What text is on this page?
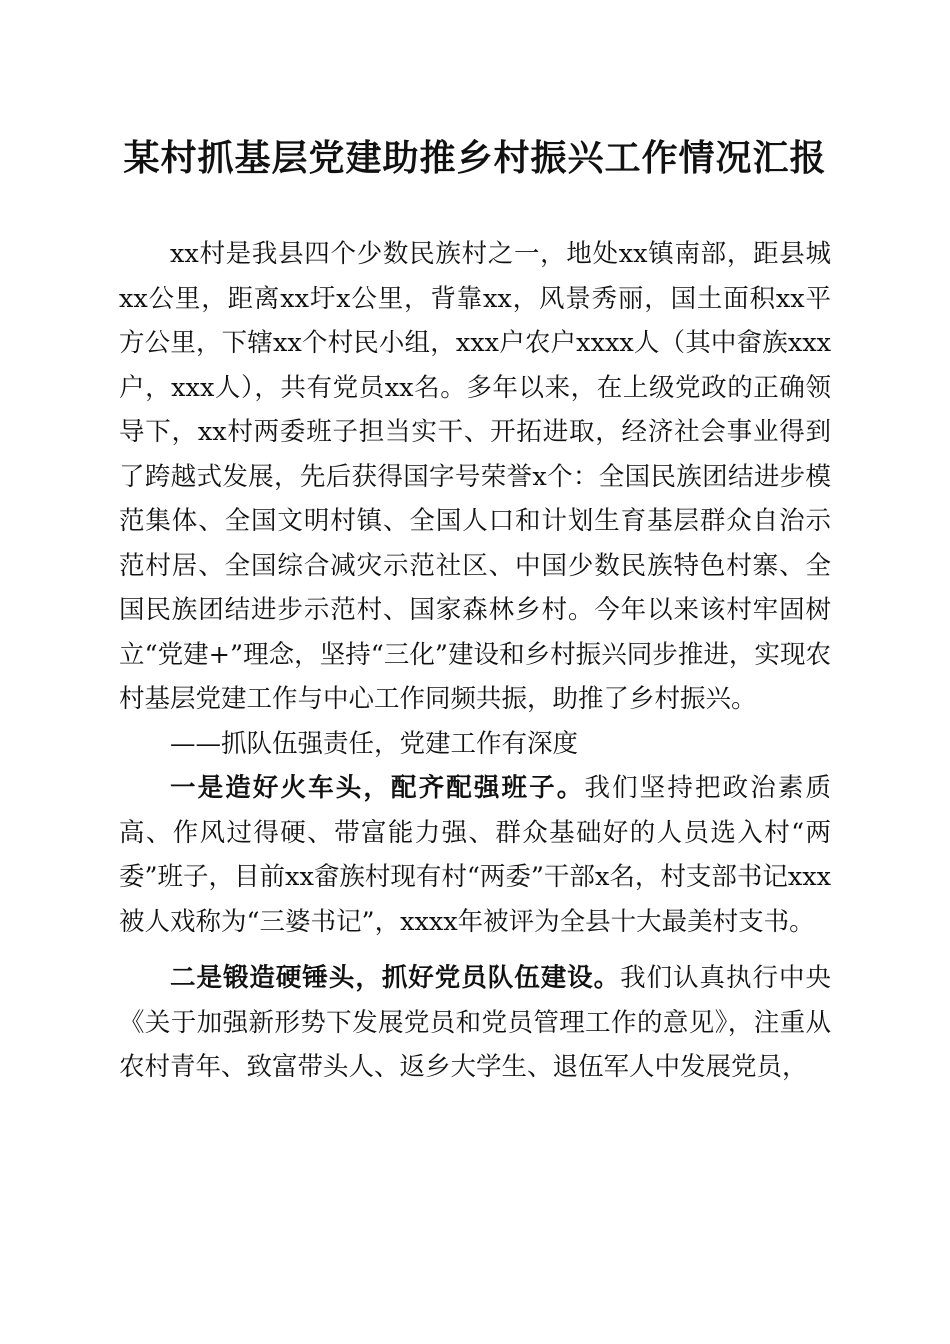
某村抓基层党建助推乡村振兴工作情况汇报

xx村是我县四个少数民族村之一，地处xx镇南部，距县城xx公里，距离xx圩x公里，背靠xx，风景秀丽，国土面积xx平方公里，下辖xx个村民小组，xxx户农户xxxx人（其中畲族xxx户，xxx人），共有党员xx名。多年以来，在上级党政的正确领导下，xx村两委班子担当实干、开拓进取，经济社会事业得到了跨越式发展，先后获得国字号荣誉x个：全国民族团结进步模范集体、全国文明村镇、全国人口和计划生育基层群众自治示范村居、全国综合减灾示范社区、中国少数民族特色村寨、全国民族团结进步示范村、国家森林乡村。今年以来该村牢固树立“党建+”理念，坚持“三化”建设和乡村振兴同步推进，实现农村基层党建工作与中心工作同频共振，助推了乡村振兴。

——抓队伍强责任，党建工作有深度

一是造好火车头，配齐配强班子。我们坚持把政治素质高、作风过得硬、带富能力强、群众基础好的人员选入村“两委”班子，目前xx畲族村现有村“两委”干部x名，村支部书记xxx被人戏称为“三婆书记”，xxxx年被评为全县十大最美村支书。

二是锻造硬锤头，抓好党员队伍建设。我们认真执行中央《关于加强新形势下发展党员和党员管理工作的意见》，注重从农村青年、致富带头人、返乡大学生、退伍军人中发展党员，
